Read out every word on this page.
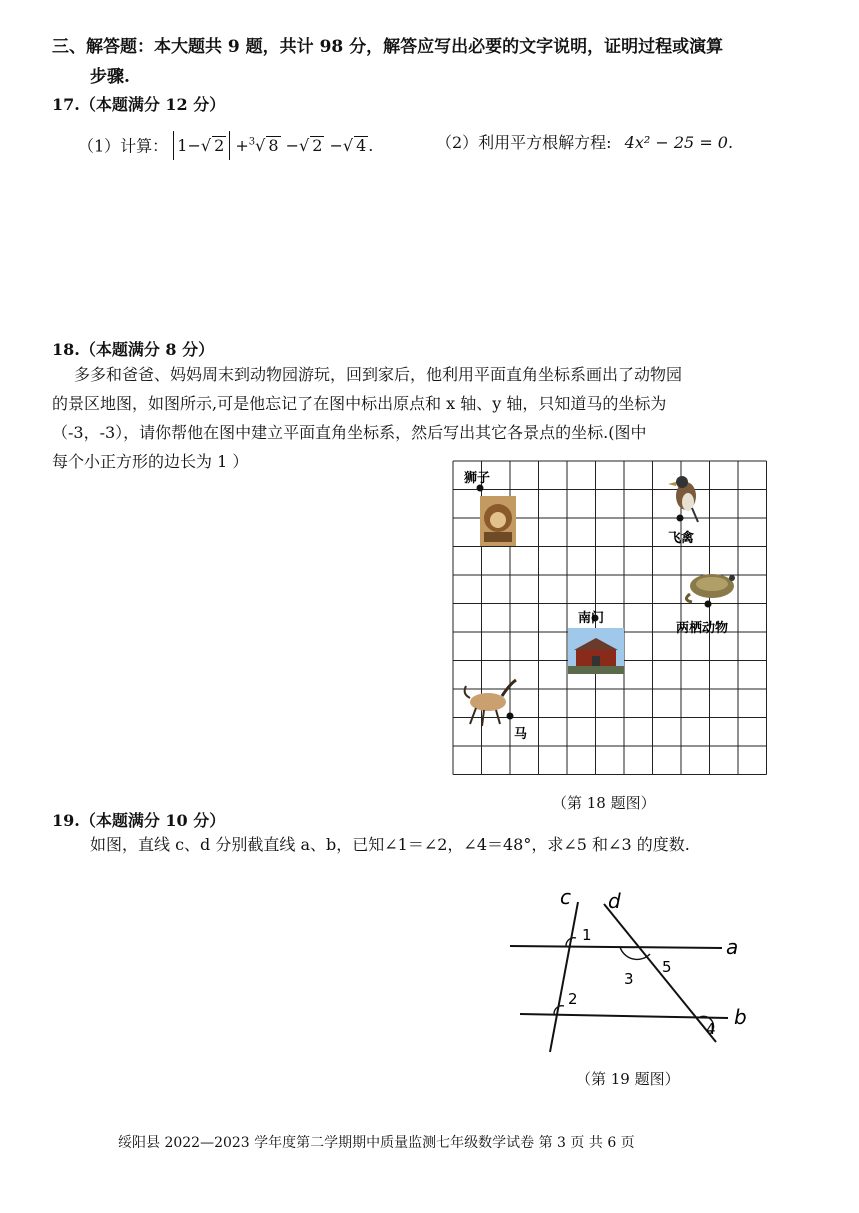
三、解答题：本大题共 9 题，共计 98 分，解答应写出必要的文字说明，证明过程或演算
步骤.
17.（本题满分 12 分）
（1）计算： 1−√ 2 +$^3$√ 8 −√ 2 −√ 4 .	（2）利用平方根解方程: 4x² − 25 = 0.
18.（本题满分 8 分）
多多和爸爸、妈妈周末到动物园游玩，回到家后，他利用平面直角坐标系画出了动物园
的景区地图，如图所示,可是他忘记了在图中标出原点和 x 轴、y 轴，只知道马的坐标为
（-3，-3），请你帮他在图中建立平面直角坐标系，然后写出其它各景点的坐标.(图中
每个小正方形的边长为 1 ）
狮子
飞禽
两栖动物
南门
马
（第 18 题图）
19.（本题满分 10 分）
如图，直线 c、d 分别截直线 a、b，已知∠1＝∠2，∠4＝48°，求∠5 和∠3 的度数.
c d
a
b
1
2
3
4
5
（第 19 题图）
绥阳县 2022—2023 学年度第二学期期中质量监测七年级数学试卷 第 3 页 共 6 页
